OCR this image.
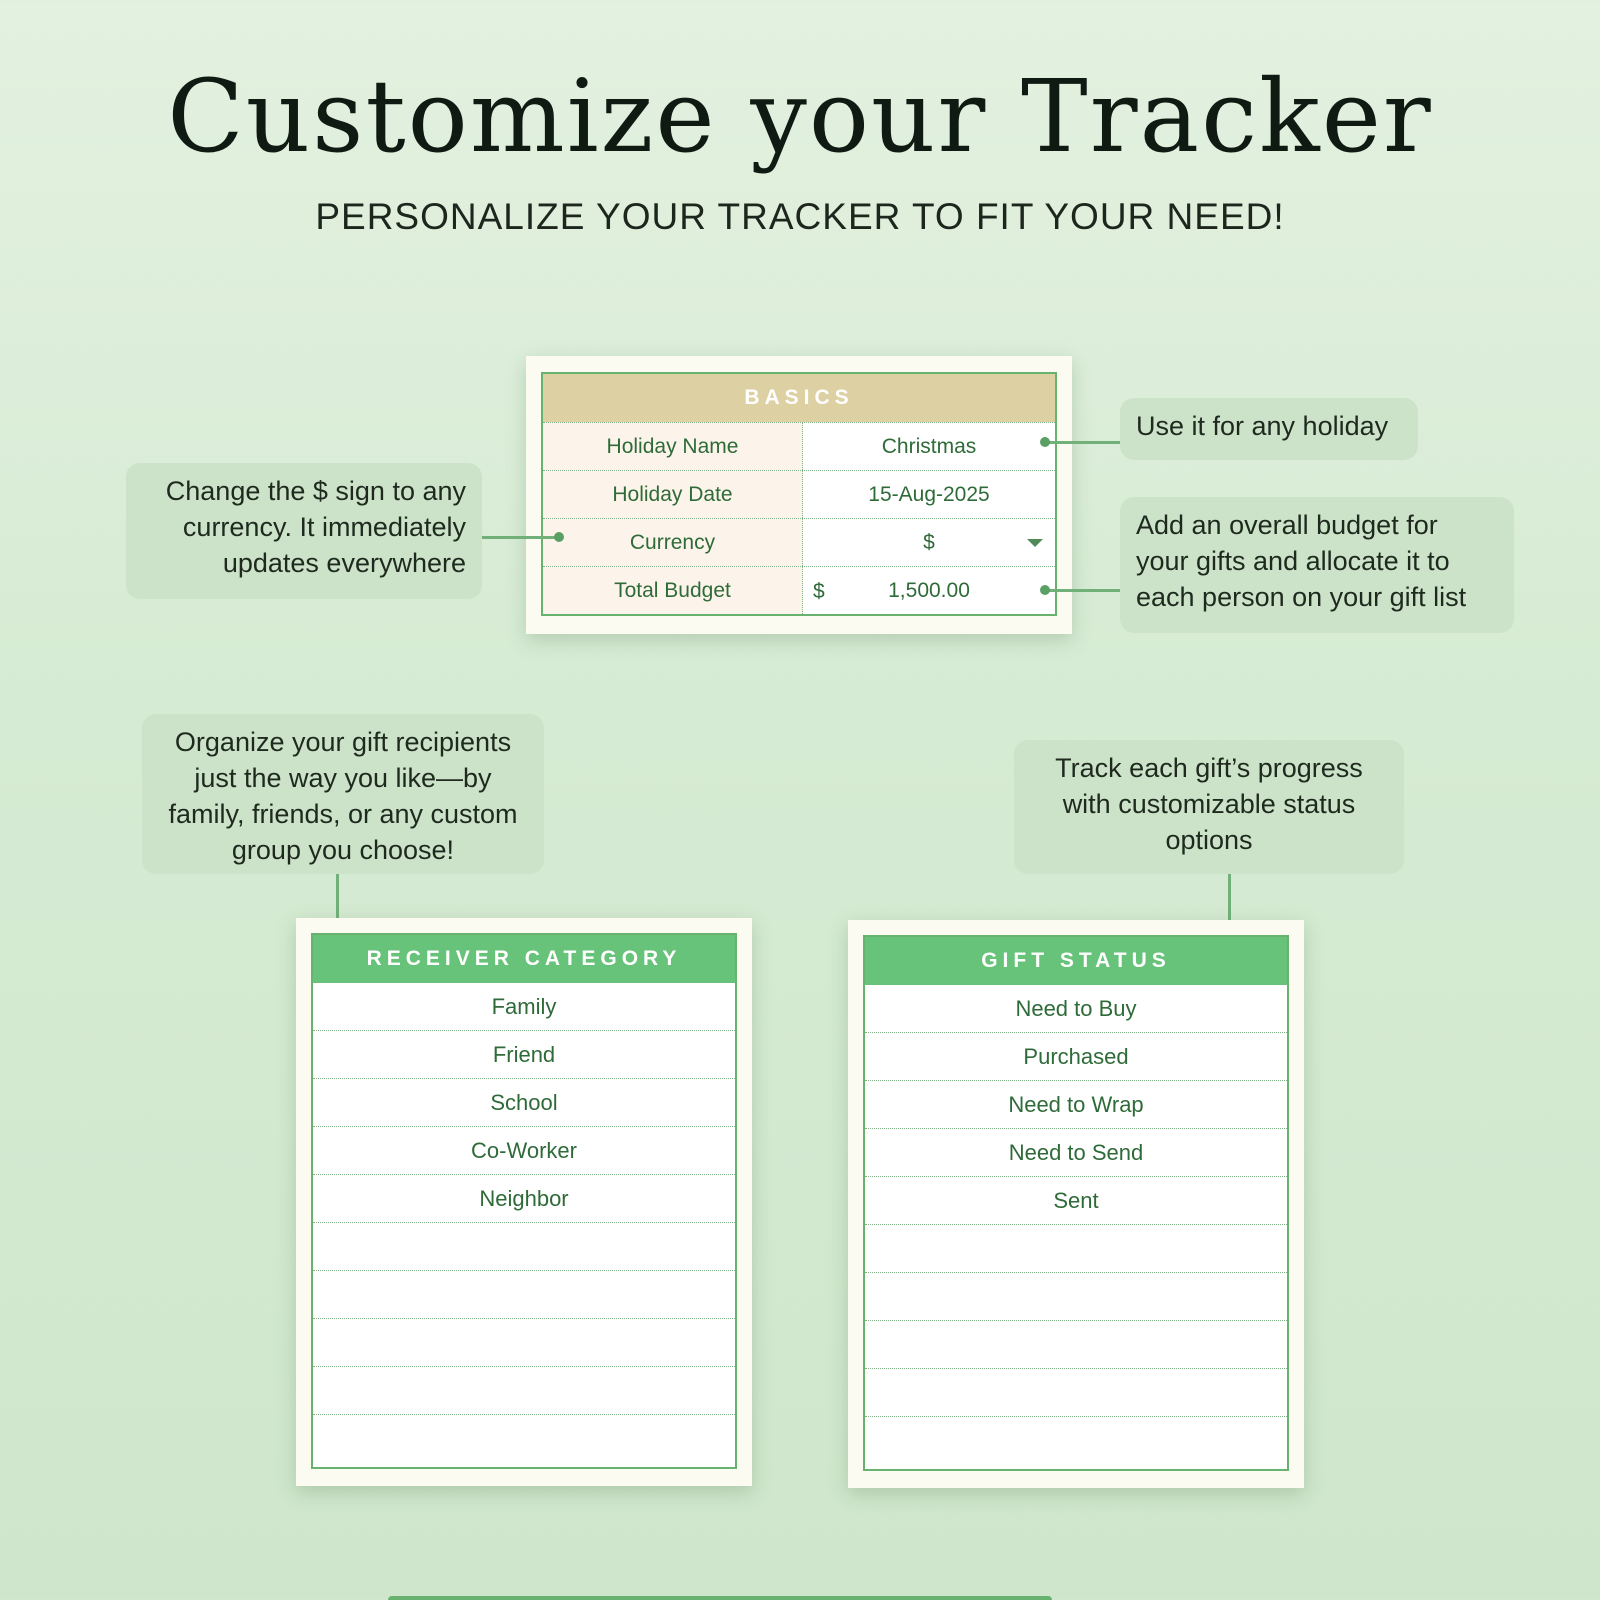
Customize your Tracker
PERSONALIZE YOUR TRACKER TO FIT YOUR NEED!
BASICS
Holiday Name	Christmas
Holiday Date	15-Aug-2025
Currency	$
Total Budget	$	1,500.00
Change the $ sign to any
currency. It immediately
updates everywhere
Use it for any holiday
Add an overall budget for
your gifts and allocate it to
each person on your gift list
Organize your gift recipients
just the way you like—by
family, friends, or any custom
group you choose!
Track each gift’s progress
with customizable status
options
RECEIVER CATEGORY
Family
Friend
School
Co-Worker
Neighbor
GIFT STATUS
Need to Buy
Purchased
Need to Wrap
Need to Send
Sent
